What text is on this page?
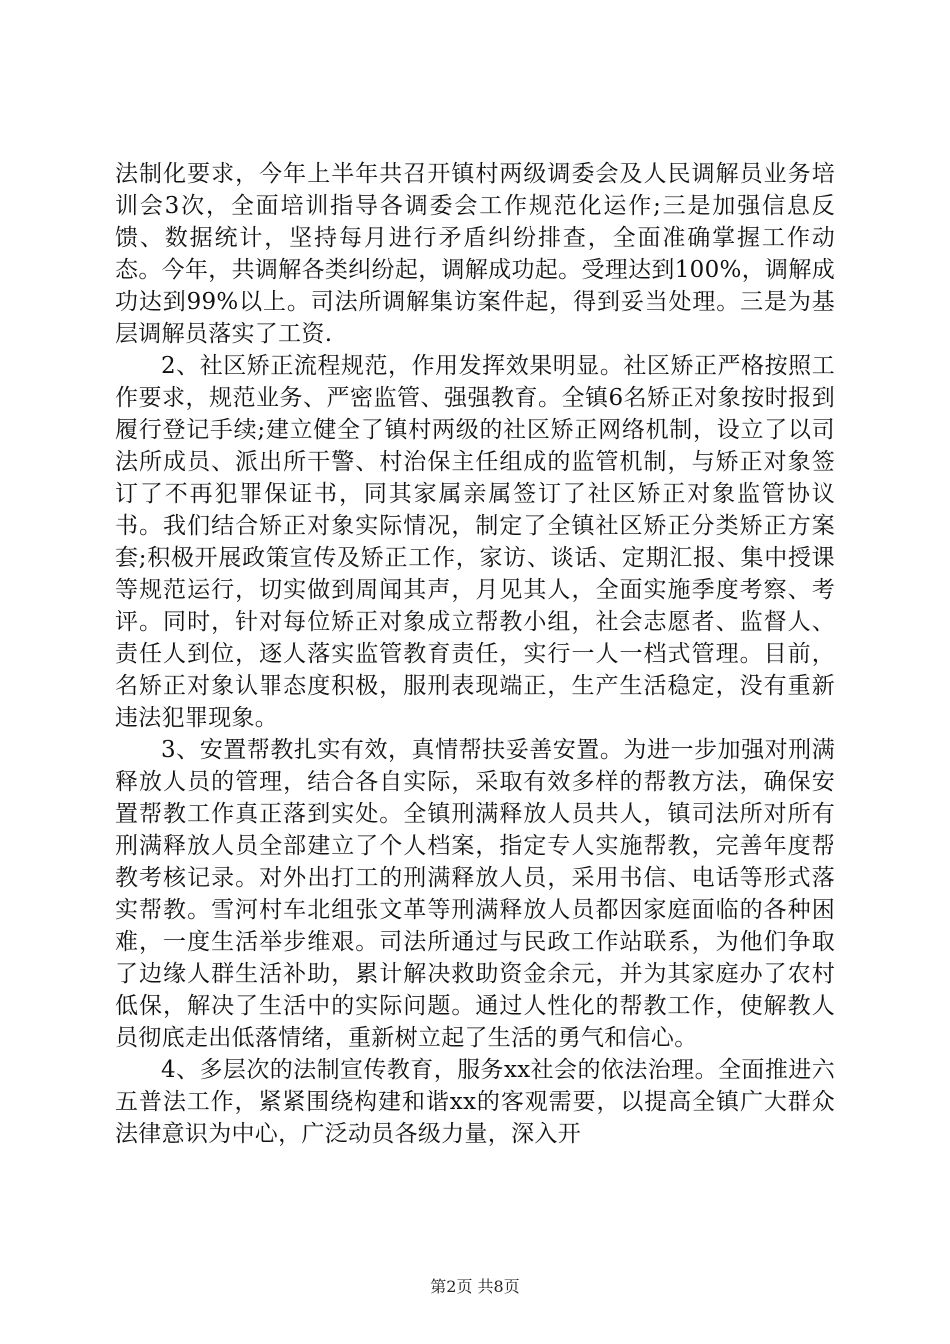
法制化要求，今年上半年共召开镇村两级调委会及人民调解员业务培训会3次，全面培训指导各调委会工作规范化运作;三是加强信息反馈、数据统计，坚持每月进行矛盾纠纷排查，全面准确掌握工作动态。今年，共调解各类纠纷起，调解成功起。受理达到100%，调解成功达到99%以上。司法所调解集访案件起，得到妥当处理。三是为基层调解员落实了工资.

2、社区矫正流程规范，作用发挥效果明显。社区矫正严格按照工作要求，规范业务、严密监管、强强教育。全镇6名矫正对象按时报到履行登记手续;建立健全了镇村两级的社区矫正网络机制，设立了以司法所成员、派出所干警、村治保主任组成的监管机制，与矫正对象签订了不再犯罪保证书，同其家属亲属签订了社区矫正对象监管协议书。我们结合矫正对象实际情况，制定了全镇社区矫正分类矫正方案套;积极开展政策宣传及矫正工作，家访、谈话、定期汇报、集中授课等规范运行，切实做到周闻其声，月见其人，全面实施季度考察、考评。同时，针对每位矫正对象成立帮教小组，社会志愿者、监督人、责任人到位，逐人落实监管教育责任，实行一人一档式管理。目前，名矫正对象认罪态度积极，服刑表现端正，生产生活稳定，没有重新违法犯罪现象。

3、安置帮教扎实有效，真情帮扶妥善安置。为进一步加强对刑满释放人员的管理，结合各自实际，采取有效多样的帮教方法，确保安置帮教工作真正落到实处。全镇刑满释放人员共人，镇司法所对所有刑满释放人员全部建立了个人档案，指定专人实施帮教，完善年度帮教考核记录。对外出打工的刑满释放人员，采用书信、电话等形式落实帮教。雪河村车北组张文革等刑满释放人员都因家庭面临的各种困难，一度生活举步维艰。司法所通过与民政工作站联系，为他们争取了边缘人群生活补助，累计解决救助资金余元，并为其家庭办了农村低保，解决了生活中的实际问题。通过人性化的帮教工作，使解教人员彻底走出低落情绪，重新树立起了生活的勇气和信心。

4、多层次的法制宣传教育，服务xx社会的依法治理。全面推进六五普法工作，紧紧围绕构建和谐xx的客观需要，以提高全镇广大群众法律意识为中心，广泛动员各级力量，深入开

第2页 共8页
